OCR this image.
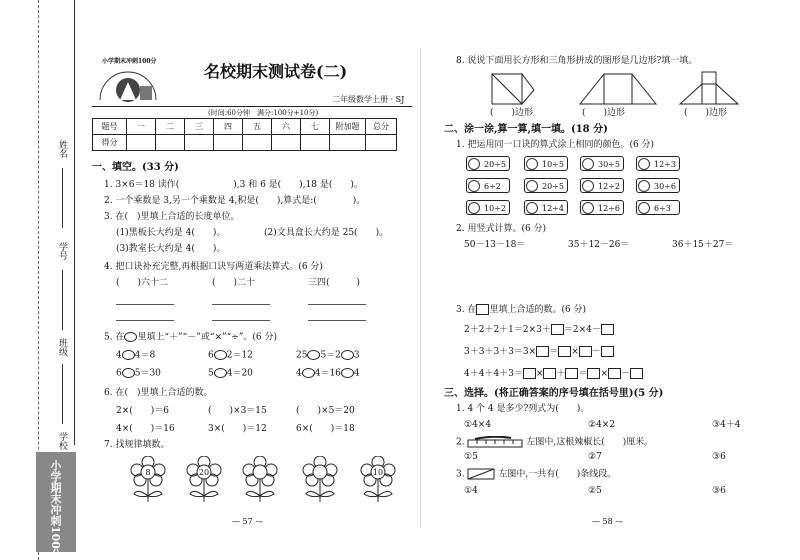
姓名
学号
班级
学校
小学期末冲刺100分
小学期末冲刺100分
名校期末测试卷(二)
二年级数学上册 · SJ
(时间:60分钟　满分:100分+10分)
题号	一	二	三	四	五	六	七	附加题	总分
得分									
一、填空。(33 分)
1. 3×6＝18 读作(　　　　　　),3 和 6 是(　　),18 是(　　)。
2. 一个乘数是 3,另一个乘数是 4,积是(　　),算式是:(　　　　)。
3. 在(　)里填上合适的长度单位。
(1)黑板长大约是 4(　　)。	(2)文具盒长大约是 25(　　)。
(3)教室长大约是 4(　　)。
4. 把口诀补充完整,再根据口诀写两道乘法算式。(6 分)
(　　)六十二	(　　)二十	三四(　　　)
5. 在 里填上“＋”“－”或“×”“÷”。(6 分)
4 4＝8	6 2＝12	25 5＝2 3
6 5＝30	5 4＝20	4 4＝16 4
6. 在(　)里填上合适的数。
2×(　　)＝6	(　　)×3＝15	(　　)×5＝20
4×(　　)＝16	3×(　　)＝12	6×(　　)＝18
7. 找规律填数。
8	20	10
— 57 —
8. 说说下面用长方形和三角形拼成的图形是几边形?填一填。
(　　)边形	(　　)边形	(　　)边形
二、涂一涂,算一算,填一填。(18 分)
1. 把运用同一口诀的算式涂上相同的颜色。(6 分)
20÷5	10÷5	30÷5	12÷3
6÷2	20÷5	12÷2	30÷6
10÷2	12÷4	12÷6	6÷3
2. 用竖式计算。(6 分)
50－13－18＝	35＋12－26＝	36＋15＋27＝
3. 在 里填上合适的数。(6 分)
2＋2＋2＋1＝2×3＋ ＝2×4－
3＋3＋3＋3＝3× ＝ × －
4＋4＋4＋3＝ × ＋ ＝ × －
三、选择。(将正确答案的序号填在括号里)(5 分)
1. 4 个 4 是多少?列式为(　　)。
①4×4	②4×2	③4＋4
2.	左图中,这根辣椒长(　　)厘米。
①5	②7	③6
3.	左图中,一共有(　　)条线段。
①4	②5	③6
— 58 —
